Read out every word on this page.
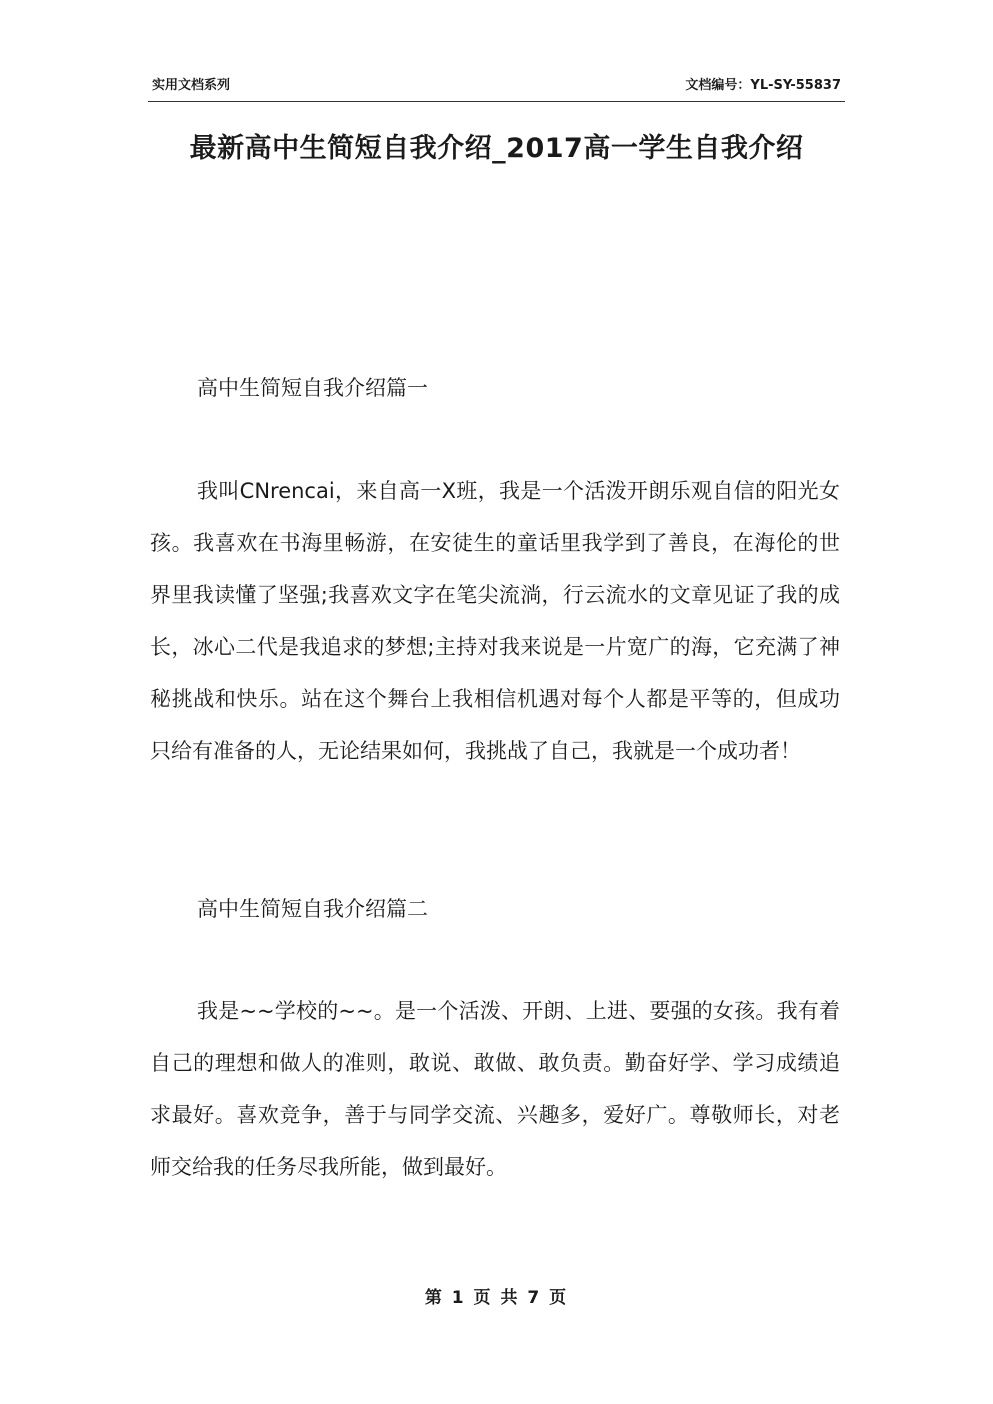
实用文档系列	文档编号：YL-SY-55837
最新高中生简短自我介绍_2017高一学生自我介绍
高中生简短自我介绍篇一

我叫CNrencai，来自高一X班，我是一个活泼开朗乐观自信的阳光女孩。我喜欢在书海里畅游，在安徒生的童话里我学到了善良，在海伦的世界里我读懂了坚强;我喜欢文字在笔尖流淌，行云流水的文章见证了我的成长，冰心二代是我追求的梦想;主持对我来说是一片宽广的海，它充满了神秘挑战和快乐。站在这个舞台上我相信机遇对每个人都是平等的，但成功只给有准备的人，无论结果如何，我挑战了自己，我就是一个成功者！

高中生简短自我介绍篇二

我是~~学校的~~。是一个活泼、开朗、上进、要强的女孩。我有着自己的理想和做人的准则，敢说、敢做、敢负责。勤奋好学、学习成绩追求最好。喜欢竞争，善于与同学交流、兴趣多，爱好广。尊敬师长，对老师交给我的任务尽我所能，做到最好。

第 1 页 共 7 页
